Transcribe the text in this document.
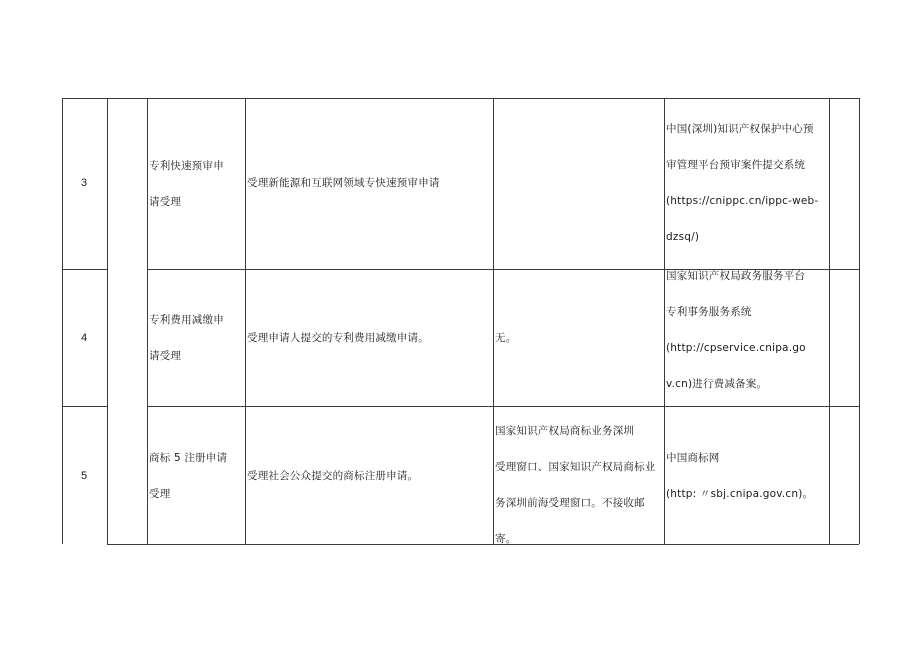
3
专利快速预审申
请受理
受理新能源和互联网领域专快速预审申请
中国(深圳)知识产权保护中心预
审管理平台预审案件提交系统
(https://cnippc.cn/ippc-web-
dzsq/)
4
专利费用减缴申
请受理
受理申请人提交的专利费用减缴申请。	无。
国家知识产权局政务服务平台
专利事务服务系统
(http://cpservice.cnipa.go
v.cn)进行费减备案。
5
商标 5 注册申请
受理
受理社会公众提交的商标注册申请。
国家知识产权局商标业务深圳
受理窗口、国家知识产权局商标业
务深圳前海受理窗口。不接收邮
寄。
中国商标网
(http: 〃sbj.cnipa.gov.cn)。
